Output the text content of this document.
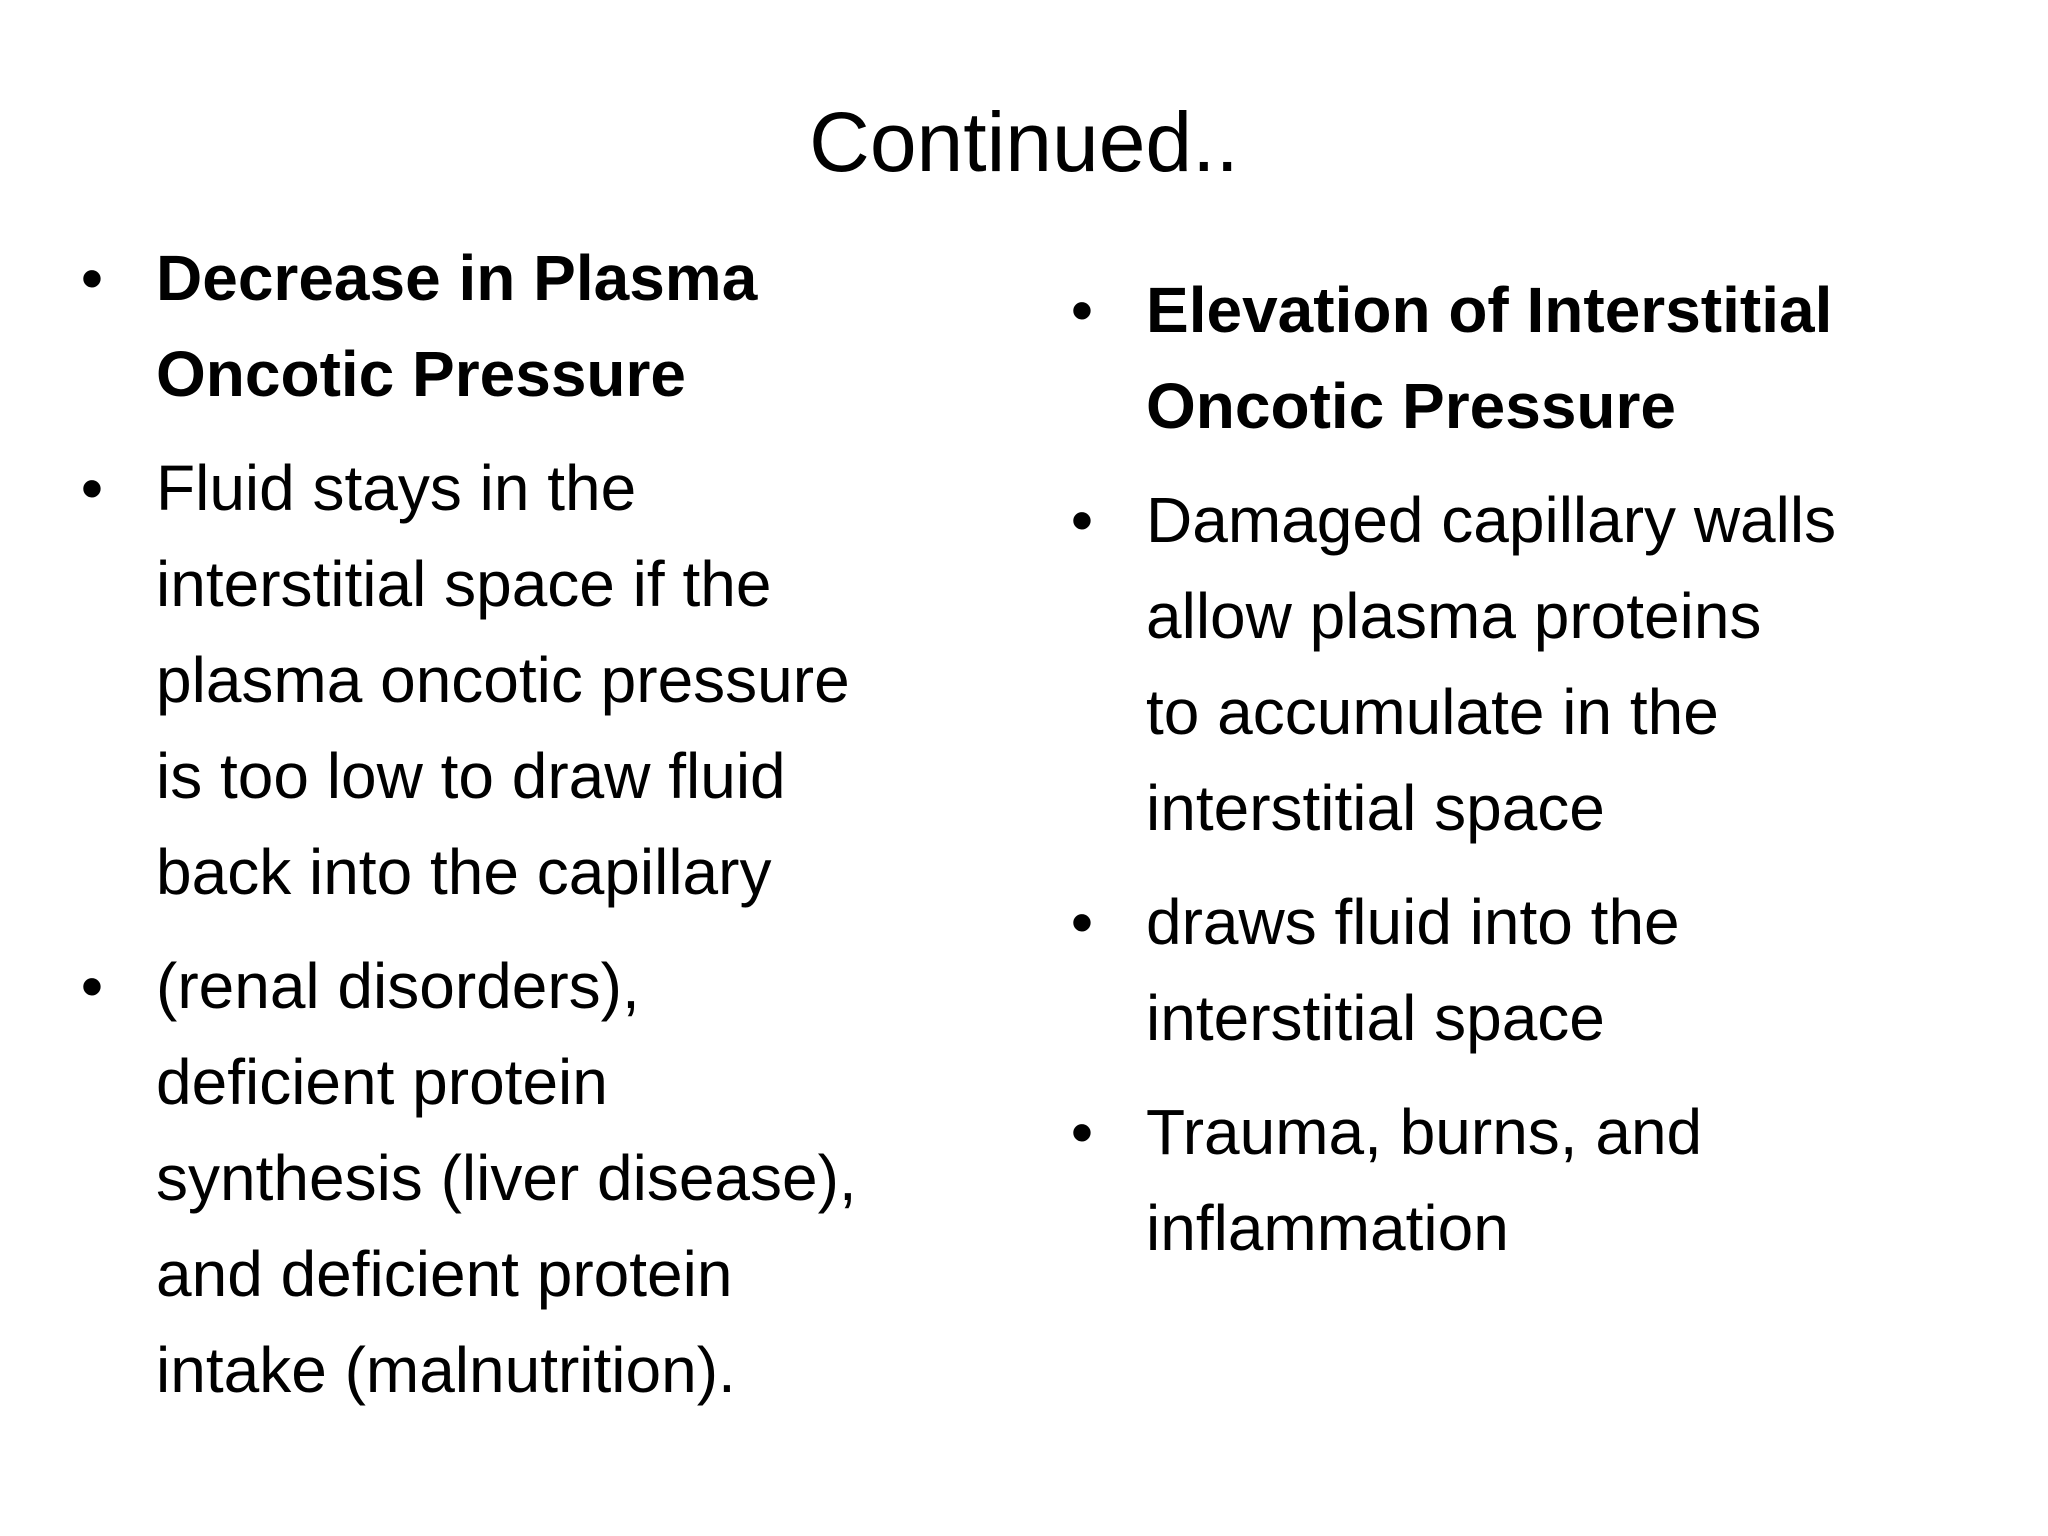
Continued..
•
Decrease in Plasma
Oncotic Pressure
•
Fluid stays in the
interstitial space if the
plasma oncotic pressure
is too low to draw fluid
back into the capillary
•
(renal disorders),
deficient protein
synthesis (liver disease),
and deficient protein
intake (malnutrition).
•
Elevation of Interstitial
Oncotic Pressure
•
Damaged capillary walls
allow plasma proteins
to accumulate in the
interstitial space
•
draws fluid into the
interstitial space
•
Trauma, burns, and
inflammation
